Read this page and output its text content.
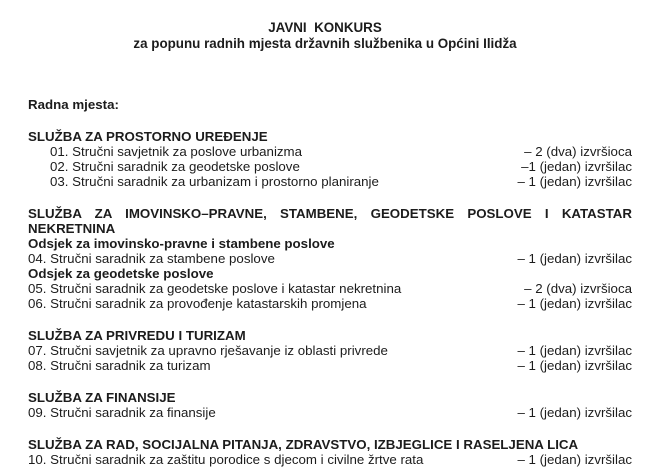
JAVNI  KONKURS
za popunu radnih mjesta državnih službenika u Općini Ilidža
Radna mjesta:
SLUŽBA ZA PROSTORNO UREĐENJE
01. Stručni savjetnik za poslove urbanizma	– 2 (dva) izvršioca
02. Stručni saradnik za geodetske poslove	–1 (jedan) izvršilac
03. Stručni saradnik za urbanizam i prostorno planiranje	– 1 (jedan) izvršilac
SLUŽBA ZA IMOVINSKO–PRAVNE, STAMBENE, GEODETSKE POSLOVE I KATASTAR NEKRETNINA
Odsjek za imovinsko-pravne i stambene poslove
04. Stručni saradnik za stambene poslove	– 1 (jedan) izvršilac
Odsjek za geodetske poslove
05. Stručni saradnik za geodetske poslove i katastar nekretnina	– 2 (dva) izvršioca
06. Stručni saradnik za provođenje katastarskih promjena	– 1 (jedan) izvršilac
SLUŽBA ZA PRIVREDU I TURIZAM
07. Stručni savjetnik za upravno rješavanje iz oblasti privrede	– 1 (jedan) izvršilac
08. Stručni saradnik za turizam	– 1 (jedan) izvršilac
SLUŽBA ZA FINANSIJE
09. Stručni saradnik za finansije	– 1 (jedan) izvršilac
SLUŽBA ZA RAD, SOCIJALNA PITANJA, ZDRAVSTVO, IZBJEGLICE I RASELJENA LICA
10. Stručni saradnik za zaštitu porodice s djecom i civilne žrtve rata	– 1 (jedan) izvršilac
